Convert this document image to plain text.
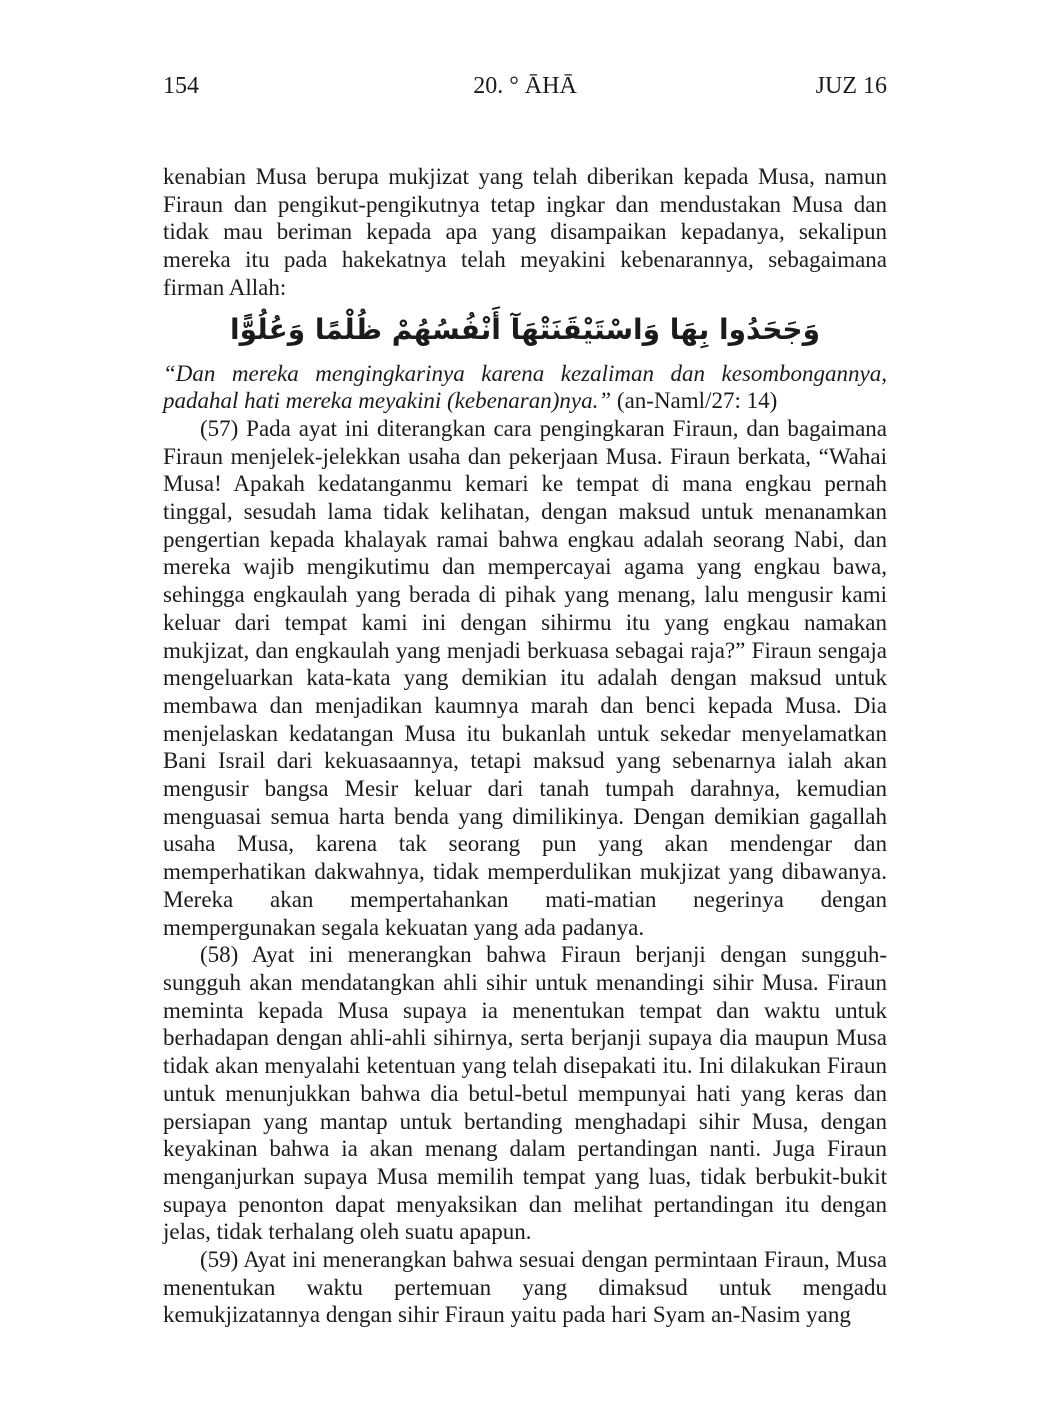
154	20. ° ĀHĀ	JUZ 16

kenabian Musa berupa mukjizat yang telah diberikan kepada Musa, namun Firaun dan pengikut-pengikutnya tetap ingkar dan mendustakan Musa dan tidak mau beriman kepada apa yang disampaikan kepadanya, sekalipun mereka itu pada hakekatnya telah meyakini kebenarannya, sebagaimana firman Allah:

وَجَحَدُوا بِهَا وَاسْتَيْقَنَتْهَآ أَنْفُسُهُمْ ظُلْمًا وَعُلُوًّا

“Dan mereka mengingkarinya karena kezaliman dan kesombongannya, padahal hati mereka meyakini (kebenaran)nya.” (an-Naml/27: 14)

(57) Pada ayat ini diterangkan cara pengingkaran Firaun, dan bagaimana Firaun menjelek-jelekkan usaha dan pekerjaan Musa. Firaun berkata, “Wahai Musa! Apakah kedatanganmu kemari ke tempat di mana engkau pernah tinggal, sesudah lama tidak kelihatan, dengan maksud untuk menanamkan pengertian kepada khalayak ramai bahwa engkau adalah seorang Nabi, dan mereka wajib mengikutimu dan mempercayai agama yang engkau bawa, sehingga engkaulah yang berada di pihak yang menang, lalu mengusir kami keluar dari tempat kami ini dengan sihirmu itu yang engkau namakan mukjizat, dan engkaulah yang menjadi berkuasa sebagai raja?” Firaun sengaja mengeluarkan kata-kata yang demikian itu adalah dengan maksud untuk membawa dan menjadikan kaumnya marah dan benci kepada Musa. Dia menjelaskan kedatangan Musa itu bukanlah untuk sekedar menyelamatkan Bani Israil dari kekuasaannya, tetapi maksud yang sebenarnya ialah akan mengusir bangsa Mesir keluar dari tanah tumpah darahnya, kemudian menguasai semua harta benda yang dimilikinya. Dengan demikian gagallah usaha Musa, karena tak seorang pun yang akan mendengar dan memperhatikan dakwahnya, tidak memperdulikan mukjizat yang dibawanya. Mereka akan mempertahankan mati-matian negerinya dengan mempergunakan segala kekuatan yang ada padanya.

(58) Ayat ini menerangkan bahwa Firaun berjanji dengan sungguh-sungguh akan mendatangkan ahli sihir untuk menandingi sihir Musa. Firaun meminta kepada Musa supaya ia menentukan tempat dan waktu untuk berhadapan dengan ahli-ahli sihirnya, serta berjanji supaya dia maupun Musa tidak akan menyalahi ketentuan yang telah disepakati itu. Ini dilakukan Firaun untuk menunjukkan bahwa dia betul-betul mempunyai hati yang keras dan persiapan yang mantap untuk bertanding menghadapi sihir Musa, dengan keyakinan bahwa ia akan menang dalam pertandingan nanti. Juga Firaun menganjurkan supaya Musa memilih tempat yang luas, tidak berbukit-bukit supaya penonton dapat menyaksikan dan melihat pertandingan itu dengan jelas, tidak terhalang oleh suatu apapun.

(59) Ayat ini menerangkan bahwa sesuai dengan permintaan Firaun, Musa menentukan waktu pertemuan yang dimaksud untuk mengadu kemukjizatannya dengan sihir Firaun yaitu pada hari Syam an-Nasim yang
